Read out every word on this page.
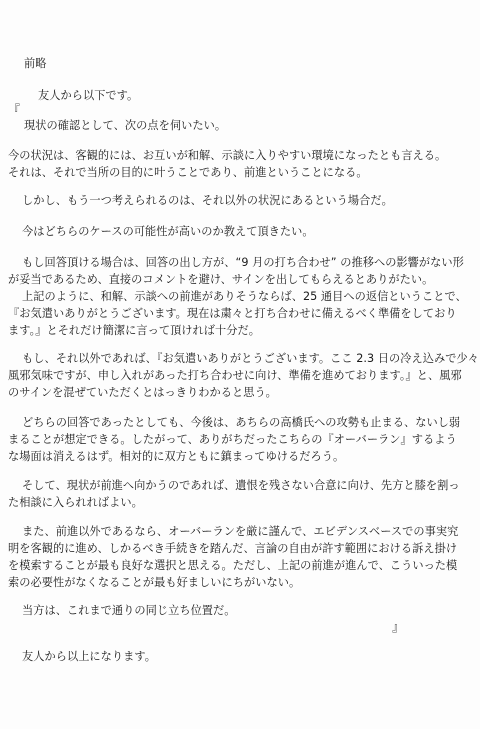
前略
友人から以下です。
『
現状の確認として、次の点を伺いたい。
今の状況は、客観的には、お互いが和解、示談に入りやすい環境になったとも言える。
それは、それで当所の目的に叶うことであり、前進ということになる。
しかし、もう一つ考えられるのは、それ以外の状況にあるという場合だ。
今はどちらのケースの可能性が高いのか教えて頂きたい。
もし回答頂ける場合は、回答の出し方が、“9 月の打ち合わせ” の推移への影響がない形
が妥当であるため、直接のコメントを避け、サインを出してもらえるとありがたい。
上記のように、和解、示談への前進がありそうならば、25 通目への返信ということで、
『お気遣いありがとうございます。現在は粛々と打ち合わせに備えるべく準備をしており
ます。』とそれだけ簡潔に言って頂ければ十分だ。
もし、それ以外であれば、『お気遣いありがとうございます。ここ 2.3 日の冷え込みで少々
風邪気味ですが、申し入れがあった打ち合わせに向け、準備を進めております。』と、風邪
のサインを混ぜていただくとはっきりわかると思う。
どちらの回答であったとしても、今後は、あちらの高橋氏への攻勢も止まる、ないし弱
まることが想定できる。したがって、ありがちだったこちらの『オーバーラン』するよう
な場面は消えるはず。相対的に双方ともに鎮まってゆけるだろう。
そして、現状が前進へ向かうのであれば、遺恨を残さない合意に向け、先方と膝を割っ
た相談に入られればよい。
また、前進以外であるなら、オーバーランを厳に謹んで、エビデンスベースでの事実究
明を客観的に進め、しかるべき手続きを踏んだ、言論の自由が許す範囲における訴え掛け
を模索することが最も良好な選択と思える。ただし、上記の前進が進んで、こういった模
索の必要性がなくなることが最も好ましいにちがいない。
当方は、これまで通りの同じ立ち位置だ。
』
友人から以上になります。
